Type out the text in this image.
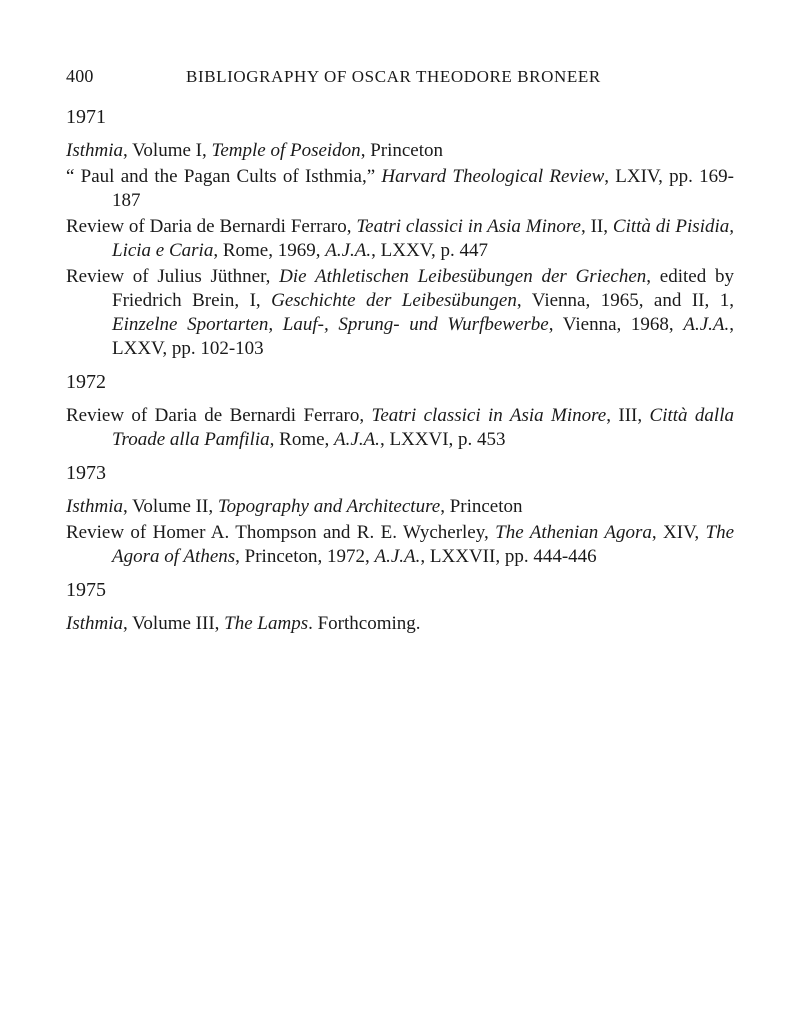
400	BIBLIOGRAPHY OF OSCAR THEODORE BRONEER
1971

Isthmia, Volume I, Temple of Poseidon, Princeton

“ Paul and the Pagan Cults of Isthmia,” Harvard Theological Review, LXIV, pp. 169-187

Review of Daria de Bernardi Ferraro, Teatri classici in Asia Minore, II, Città di Pisidia, Licia e Caria, Rome, 1969, A.J.A., LXXV, p. 447

Review of Julius Jüthner, Die Athletischen Leibesübungen der Griechen, edited by Friedrich Brein, I, Geschichte der Leibesübungen, Vienna, 1965, and II, 1, Einzelne Sportarten, Lauf-, Sprung- und Wurfbewerbe, Vienna, 1968, A.J.A., LXXV, pp. 102-103

1972

Review of Daria de Bernardi Ferraro, Teatri classici in Asia Minore, III, Città dalla Troade alla Pamfilia, Rome, A.J.A., LXXVI, p. 453

1973

Isthmia, Volume II, Topography and Architecture, Princeton

Review of Homer A. Thompson and R. E. Wycherley, The Athenian Agora, XIV, The Agora of Athens, Princeton, 1972, A.J.A., LXXVII, pp. 444-446

1975

Isthmia, Volume III, The Lamps. Forthcoming.
